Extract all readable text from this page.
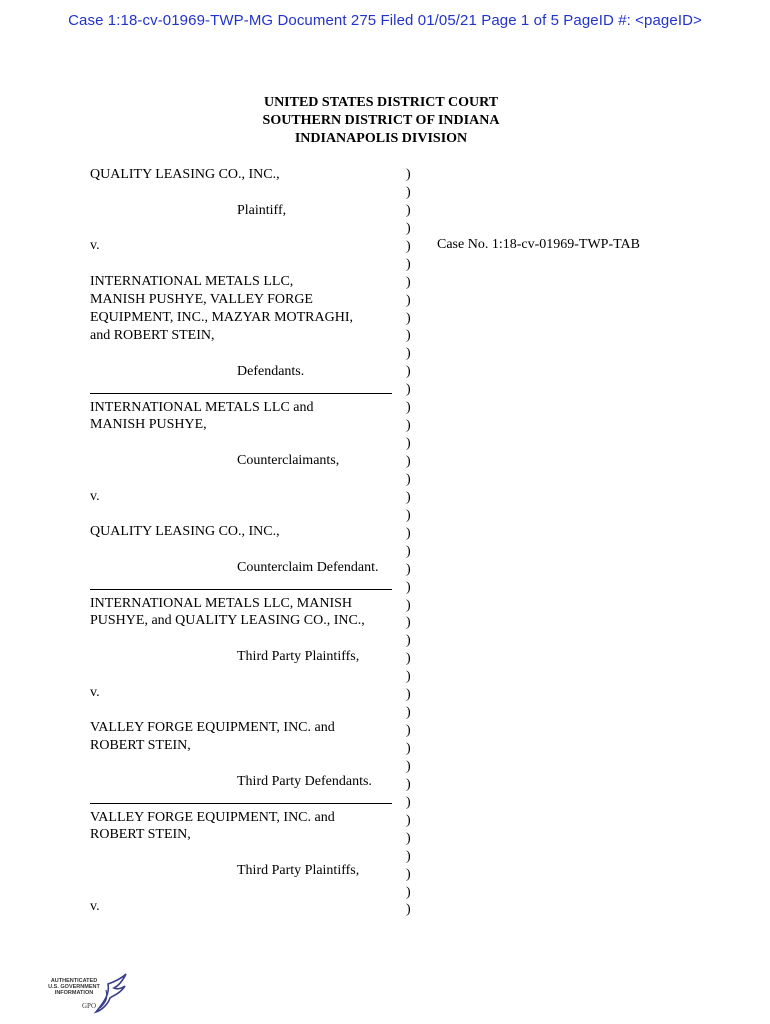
Case 1:18-cv-01969-TWP-MG Document 275 Filed 01/05/21 Page 1 of 5 PageID #: <pageID>
UNITED STATES DISTRICT COURT
SOUTHERN DISTRICT OF INDIANA
INDIANAPOLIS DIVISION
QUALITY LEASING CO., INC.,
Plaintiff,
v.
INTERNATIONAL METALS LLC,
MANISH PUSHYE, VALLEY FORGE
EQUIPMENT, INC., MAZYAR MOTRAGHI,
and ROBERT STEIN,
Defendants.
INTERNATIONAL METALS LLC and
MANISH PUSHYE,
Counterclaimants,
v.
QUALITY LEASING CO., INC.,
Counterclaim Defendant.
INTERNATIONAL METALS LLC, MANISH
PUSHYE, and QUALITY LEASING CO., INC.,
Third Party Plaintiffs,
v.
VALLEY FORGE EQUIPMENT, INC. and
ROBERT STEIN,
Third Party Defendants.
VALLEY FORGE EQUIPMENT, INC. and
ROBERT STEIN,
Third Party Plaintiffs,
v.
)
)
)
)
)
)
)
)
)
)
)
)
)
)
)
)
)
)
)
)
)
)
)
)
)
)
)
)
)
)
)
)
)
)
)
)
)
)
)
)
)
)
Case No. 1:18-cv-01969-TWP-TAB
AUTHENTICATED
U.S. GOVERNMENT
INFORMATION
GPO
